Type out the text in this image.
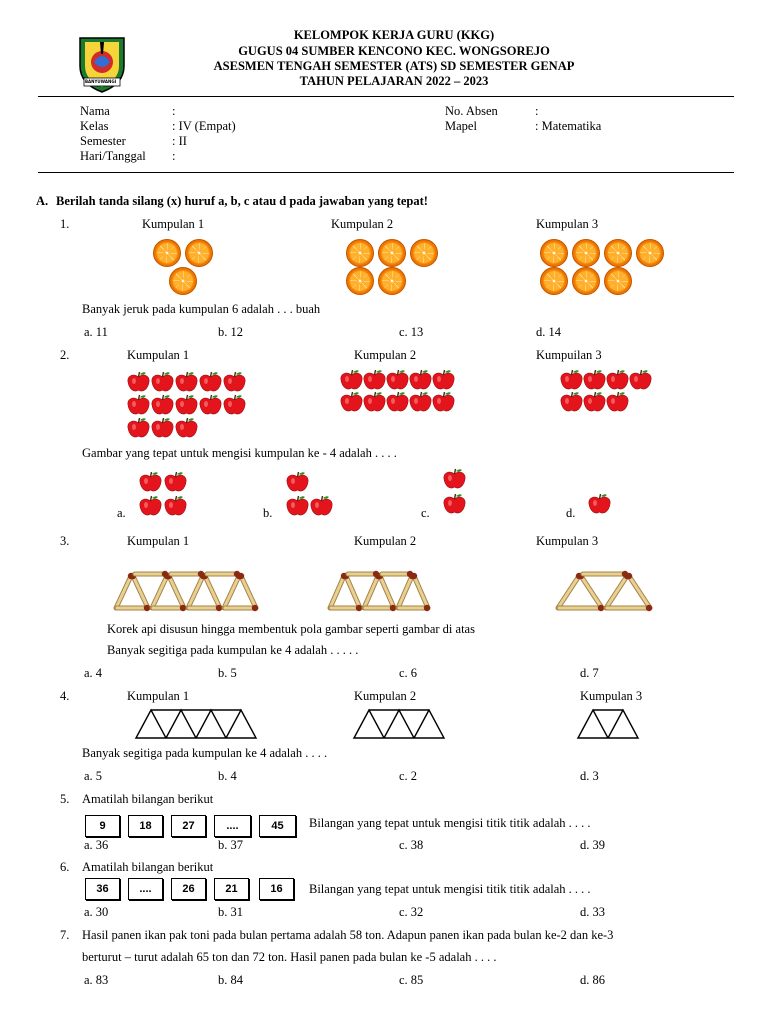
BANYUWANGI
KELOMPOK KERJA GURU (KKG)
GUGUS 04 SUMBER KENCONO KEC. WONGSOREJO
ASESMEN TENGAH SEMESTER (ATS) SD SEMESTER GENAP
TAHUN PELAJARAN 2022 – 2023
Nama	:
Kelas	: IV (Empat)
Semester	: II
Hari/Tanggal :
No. Absen	:
Mapel	: Matematika
A. Berilah tanda silang (x) huruf a, b, c atau d pada jawaban yang tepat!
1.	Kumpulan 1	Kumpulan 2	Kumpulan 3
Banyak jeruk pada kumpulan 6 adalah . . . buah
a. 11	b. 12	c. 13	d. 14
2.	Kumpulan 1	Kumpulan 2	Kumpuilan 3
Gambar yang tepat untuk mengisi kumpulan ke - 4 adalah . . . .
a.	b.	c.	d.
3.	Kumpulan 1	Kumpulan 2	Kumpulan 3
Korek api disusun hingga membentuk pola gambar seperti gambar di atas
Banyak segitiga pada kumpulan ke 4 adalah . . . . .
a. 4	b. 5	c. 6	d. 7
4.	Kumpulan 1	Kumpulan 2	Kumpulan 3
Banyak segitiga pada kumpulan ke 4 adalah . . . .
a. 5	b. 4	c. 2	d. 3
5. Amatilah bilangan berikut
9	18	27	....	45	Bilangan yang tepat untuk mengisi titik titik adalah . . . .
a. 36	b. 37	c. 38	d. 39
6. Amatilah bilangan berikut
36	....	26	21	16	Bilangan yang tepat untuk mengisi titik titik adalah . . . .
a. 30	b. 31	c. 32	d. 33
7. Hasil panen ikan pak toni pada bulan pertama adalah 58 ton. Adapun panen ikan pada bulan ke-2 dan ke-3
berturut – turut adalah 65 ton dan 72 ton. Hasil panen pada bulan ke -5 adalah . . . .
a. 83	b. 84	c. 85	d. 86
